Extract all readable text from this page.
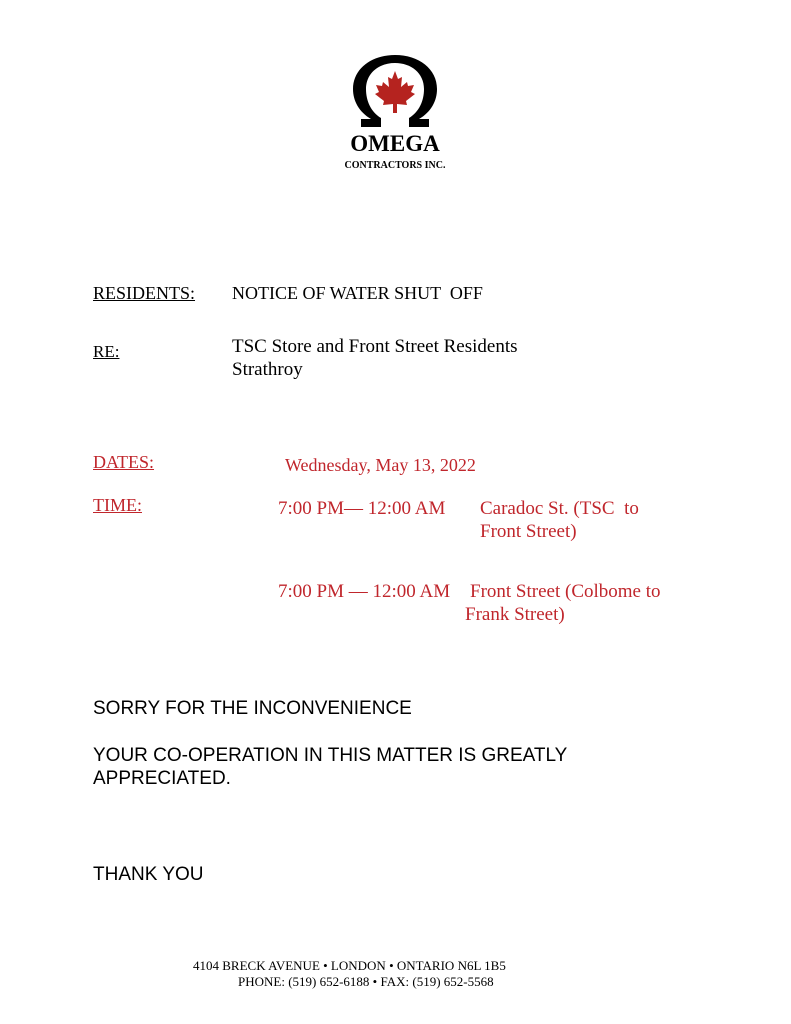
OMEGA
CONTRACTORS INC.
RESIDENTS: NOTICE OF WATER SHUT  OFF
RE:	TSC Store and Front Street Residents
Strathroy
DATES:	Wednesday, May 13, 2022
TIME:	7:00 PM— 12:00 AM Caradoc St. (TSC  to
Front Street)
7:00 PM — 12:00 AM Front Street (Colbome to
Frank Street)
SORRY FOR THE INCONVENIENCE
YOUR CO-OPERATION IN THIS MATTER IS GREATLY
APPRECIATED.
THANK YOU
4104 BRECK AVENUE • LONDON • ONTARIO N6L 1B5
PHONE: (519) 652-6188 • FAX: (519) 652-5568
